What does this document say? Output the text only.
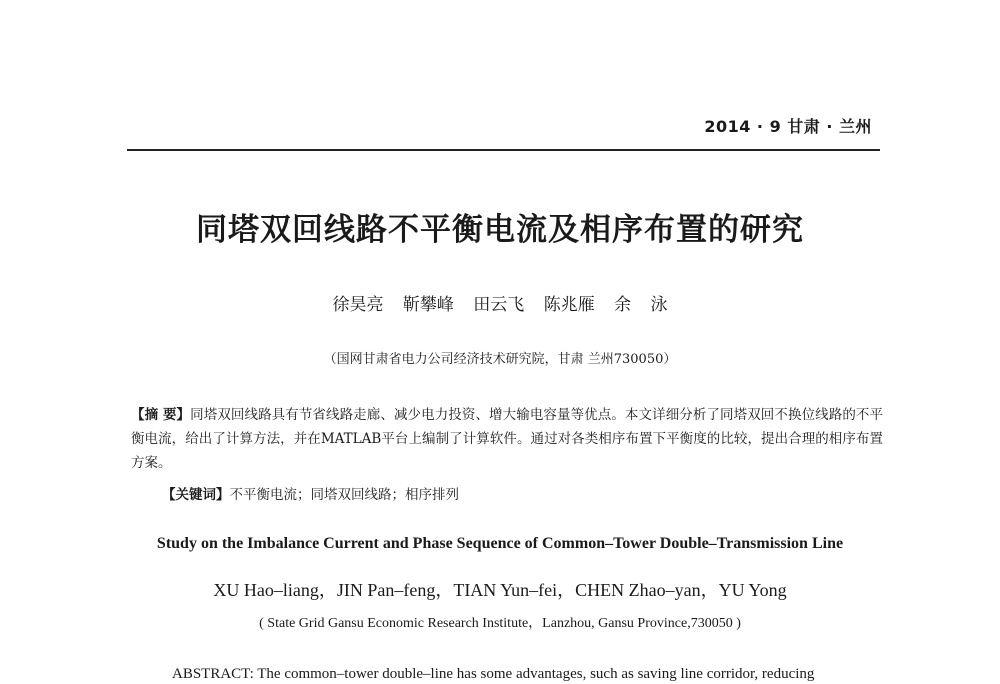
2014 · 9 甘肃 · 兰州
同塔双回线路不平衡电流及相序布置的研究
徐昊亮 靳攀峰 田云飞 陈兆雁 余 泳
（国网甘肃省电力公司经济技术研究院，甘肃 兰州730050）
【摘 要】同塔双回线路具有节省线路走廊、减少电力投资、增大输电容量等优点。本文详细分析了同塔双回不换位线路的不平衡电流，给出了计算方法，并在MATLAB平台上编制了计算软件。通过对各类相序布置下平衡度的比较，提出合理的相序布置方案。
【关键词】不平衡电流；同塔双回线路；相序排列
Study on the Imbalance Current and Phase Sequence of Common–Tower Double–Transmission Line
XU Hao–liang，JIN Pan–feng，TIAN Yun–fei，CHEN Zhao–yan，YU Yong
( State Grid Gansu Economic Research Institute，Lanzhou, Gansu Province,730050 )
ABSTRACT: The common–tower double–line has some advantages, such as saving line corridor, reducing
